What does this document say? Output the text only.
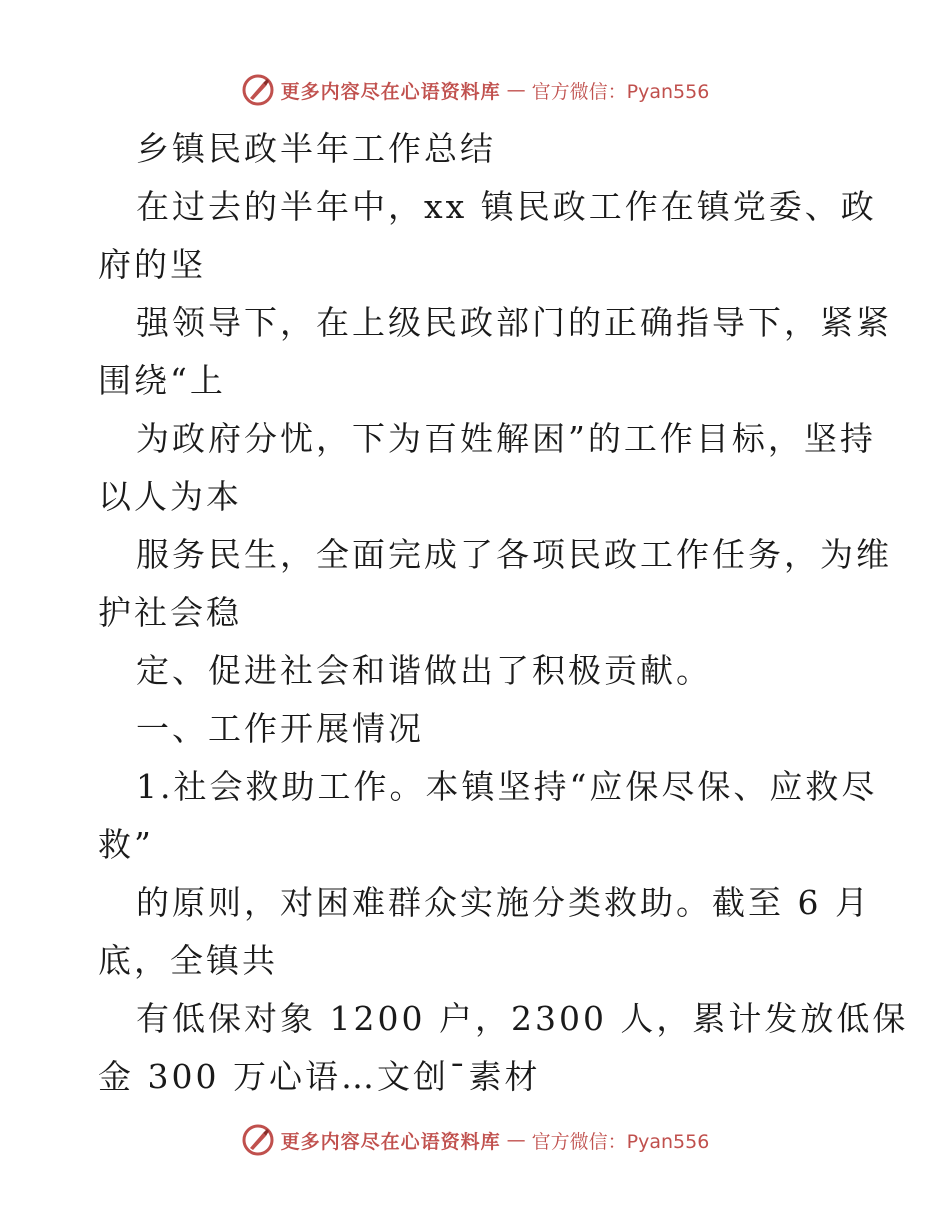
更多内容尽在心语资料库 — 官方微信：Pyan556
乡镇民政半年工作总结
在过去的半年中，xx 镇民政工作在镇党委、政
府的坚
强领导下，在上级民政部门的正确指导下，紧紧
围绕“上
为政府分忧，下为百姓解困”的工作目标，坚持
以人为本
服务民生，全面完成了各项民政工作任务，为维
护社会稳
定、促进社会和谐做出了积极贡献。
一、工作开展情况
1.社会救助工作。本镇坚持“应保尽保、应救尽
救”
的原则，对困难群众实施分类救助。截至 6 月
底，全镇共
有低保对象 1200 户，2300 人，累计发放低保
金 300 万心语…文创¯素材
更多内容尽在心语资料库 — 官方微信：Pyan556
